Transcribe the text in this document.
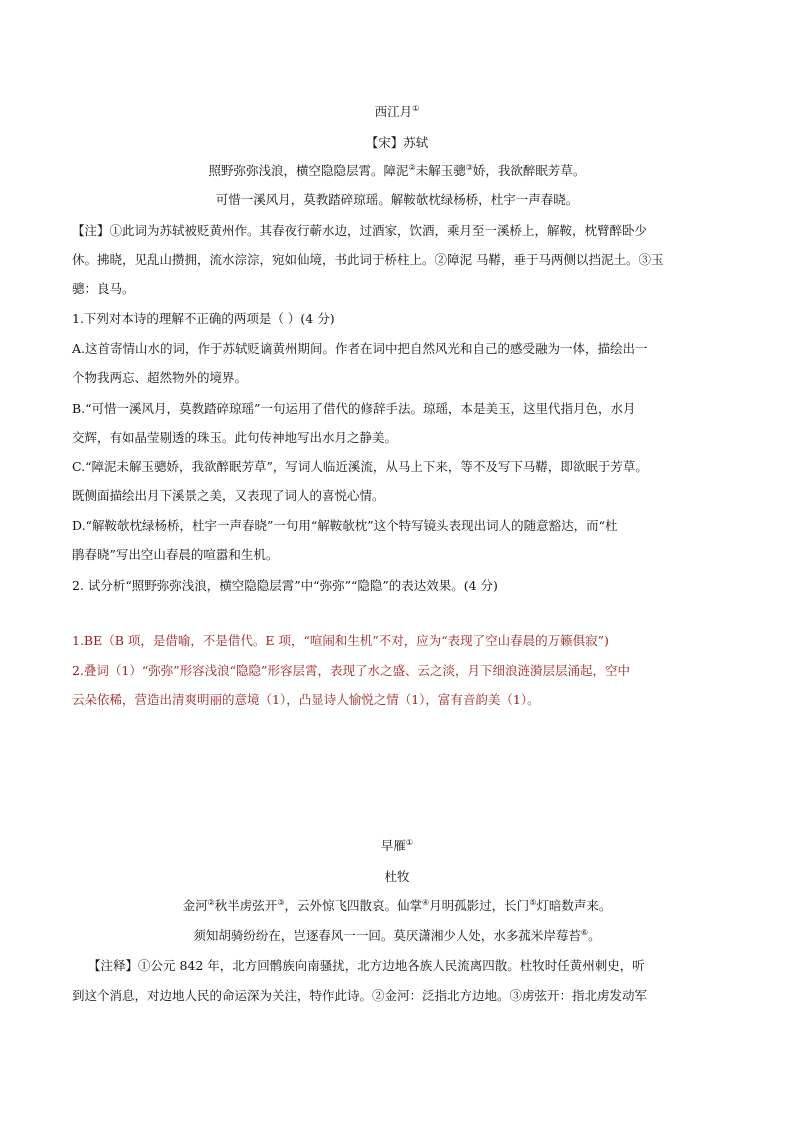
西江月①
【宋】苏轼
照野弥弥浅浪，横空隐隐层霄。障泥②未解玉骢③娇，我欲醉眠芳草。
可惜一溪风月，莫教踏碎琼瑶。解鞍欹枕绿杨桥，杜宇一声春晓。
【注】①此词为苏轼被贬黄州作。其春夜行蕲水边，过酒家，饮酒，乘月至一溪桥上，解鞍，枕臂醉卧少
休。拂晓，见乱山攒拥，流水淙淙，宛如仙境，书此词于桥柱上。②障泥 马鞯，垂于马两侧以挡泥土。③玉
骢：良马。
1.下列对本诗的理解不正确的两项是（ ）(4 分)
A.这首寄情山水的词，作于苏轼贬谪黄州期间。作者在词中把自然风光和自己的感受融为一体，描绘出一
个物我两忘、超然物外的境界。
B.“可惜一溪风月，莫教踏碎琼瑶”一句运用了借代的修辞手法。琼瑶，本是美玉，这里代指月色，水月
交辉，有如晶莹剔透的珠玉。此句传神地写出水月之静美。
C.“障泥未解玉骢娇，我欲醉眠芳草”，写词人临近溪流，从马上下来，等不及写下马鞯，即欲眠于芳草。
既侧面描绘出月下溪景之美，又表现了词人的喜悦心情。
D.“解鞍欹枕绿杨桥，杜宇一声春晓”一句用“解鞍欹枕”这个特写镜头表现出词人的随意豁达，而“杜
鹃春晓”写出空山春晨的喧嚣和生机。
2. 试分析“照野弥弥浅浪，横空隐隐层霄”中“弥弥”“隐隐”的表达效果。(4 分)
1.BE（B 项，是借喻，不是借代。E 项，“喧闹和生机”不对，应为“表现了空山春晨的万籁俱寂”)
2.叠词（1）“弥弥”形容浅浪“隐隐”形容层霄，表现了水之盛、云之淡，月下细浪涟漪层层涌起，空中
云朵依稀，营造出清爽明丽的意境（1），凸显诗人愉悦之情（1），富有音韵美（1）。
早雁①
杜牧
金河②秋半虏弦开③，云外惊飞四散哀。仙掌④月明孤影过，长门⑤灯暗数声来。
须知胡骑纷纷在，岂逐春风一一回。莫厌潇湘少人处，水多菰米岸莓苔⑥。
【注释】①公元 842 年，北方回鹘族向南骚扰，北方边地各族人民流离四散。杜牧时任黄州刺史，听
到这个消息，对边地人民的命运深为关注，特作此诗。②金河：泛指北方边地。③虏弦开：指北虏发动军
